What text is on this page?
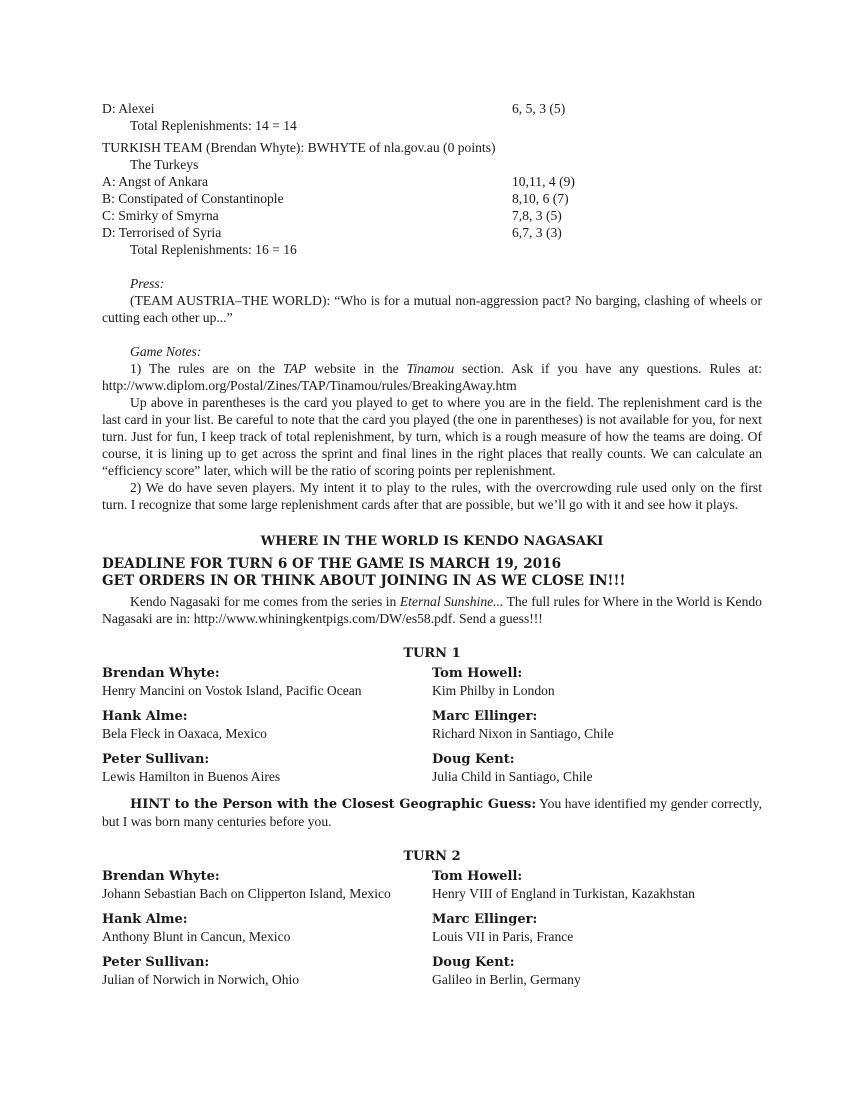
D: Alexei	6, 5, 3 (5)
Total Replenishments: 14 = 14
TURKISH TEAM (Brendan Whyte): BWHYTE of nla.gov.au (0 points)
The Turkeys
A: Angst of Ankara	10,11, 4 (9)
B: Constipated of Constantinople	8,10, 6 (7)
C: Smirky of Smyrna	7,8, 3 (5)
D: Terrorised of Syria	6,7, 3 (3)
Total Replenishments: 16 = 16

Press:

(TEAM AUSTRIA–THE WORLD): “Who is for a mutual non-aggression pact? No barging, clashing of wheels or cutting each other up...”

Game Notes:

1) The rules are on the TAP website in the Tinamou section. Ask if you have any questions. Rules at: http://www.diplom.org/Postal/Zines/TAP/Tinamou/rules/BreakingAway.htm

Up above in parentheses is the card you played to get to where you are in the field. The replenishment card is the last card in your list. Be careful to note that the card you played (the one in parentheses) is not available for you, for next turn. Just for fun, I keep track of total replenishment, by turn, which is a rough measure of how the teams are doing. Of course, it is lining up to get across the sprint and final lines in the right places that really counts. We can calculate an “efficiency score” later, which will be the ratio of scoring points per replenishment.

2) We do have seven players. My intent it to play to the rules, with the overcrowding rule used only on the first turn. I recognize that some large replenishment cards after that are possible, but we’ll go with it and see how it plays.

WHERE IN THE WORLD IS KENDO NAGASAKI
DEADLINE FOR TURN 6 OF THE GAME IS MARCH 19, 2016
GET ORDERS IN OR THINK ABOUT JOINING IN AS WE CLOSE IN!!!

Kendo Nagasaki for me comes from the series in Eternal Sunshine... The full rules for Where in the World is Kendo Nagasaki are in: http://www.whiningkentpigs.com/DW/es58.pdf. Send a guess!!!

TURN 1
Brendan Whyte:
Henry Mancini on Vostok Island, Pacific Ocean
Tom Howell:
Kim Philby in London
Hank Alme:
Bela Fleck in Oaxaca, Mexico
Marc Ellinger:
Richard Nixon in Santiago, Chile
Peter Sullivan:
Lewis Hamilton in Buenos Aires
Doug Kent:
Julia Child in Santiago, Chile

HINT to the Person with the Closest Geographic Guess: You have identified my gender correctly, but I was born many centuries before you.

TURN 2
Brendan Whyte:
Johann Sebastian Bach on Clipperton Island, Mexico
Tom Howell:
Henry VIII of England in Turkistan, Kazakhstan
Hank Alme:
Anthony Blunt in Cancun, Mexico
Marc Ellinger:
Louis VII in Paris, France
Peter Sullivan:
Julian of Norwich in Norwich, Ohio
Doug Kent:
Galileo in Berlin, Germany
